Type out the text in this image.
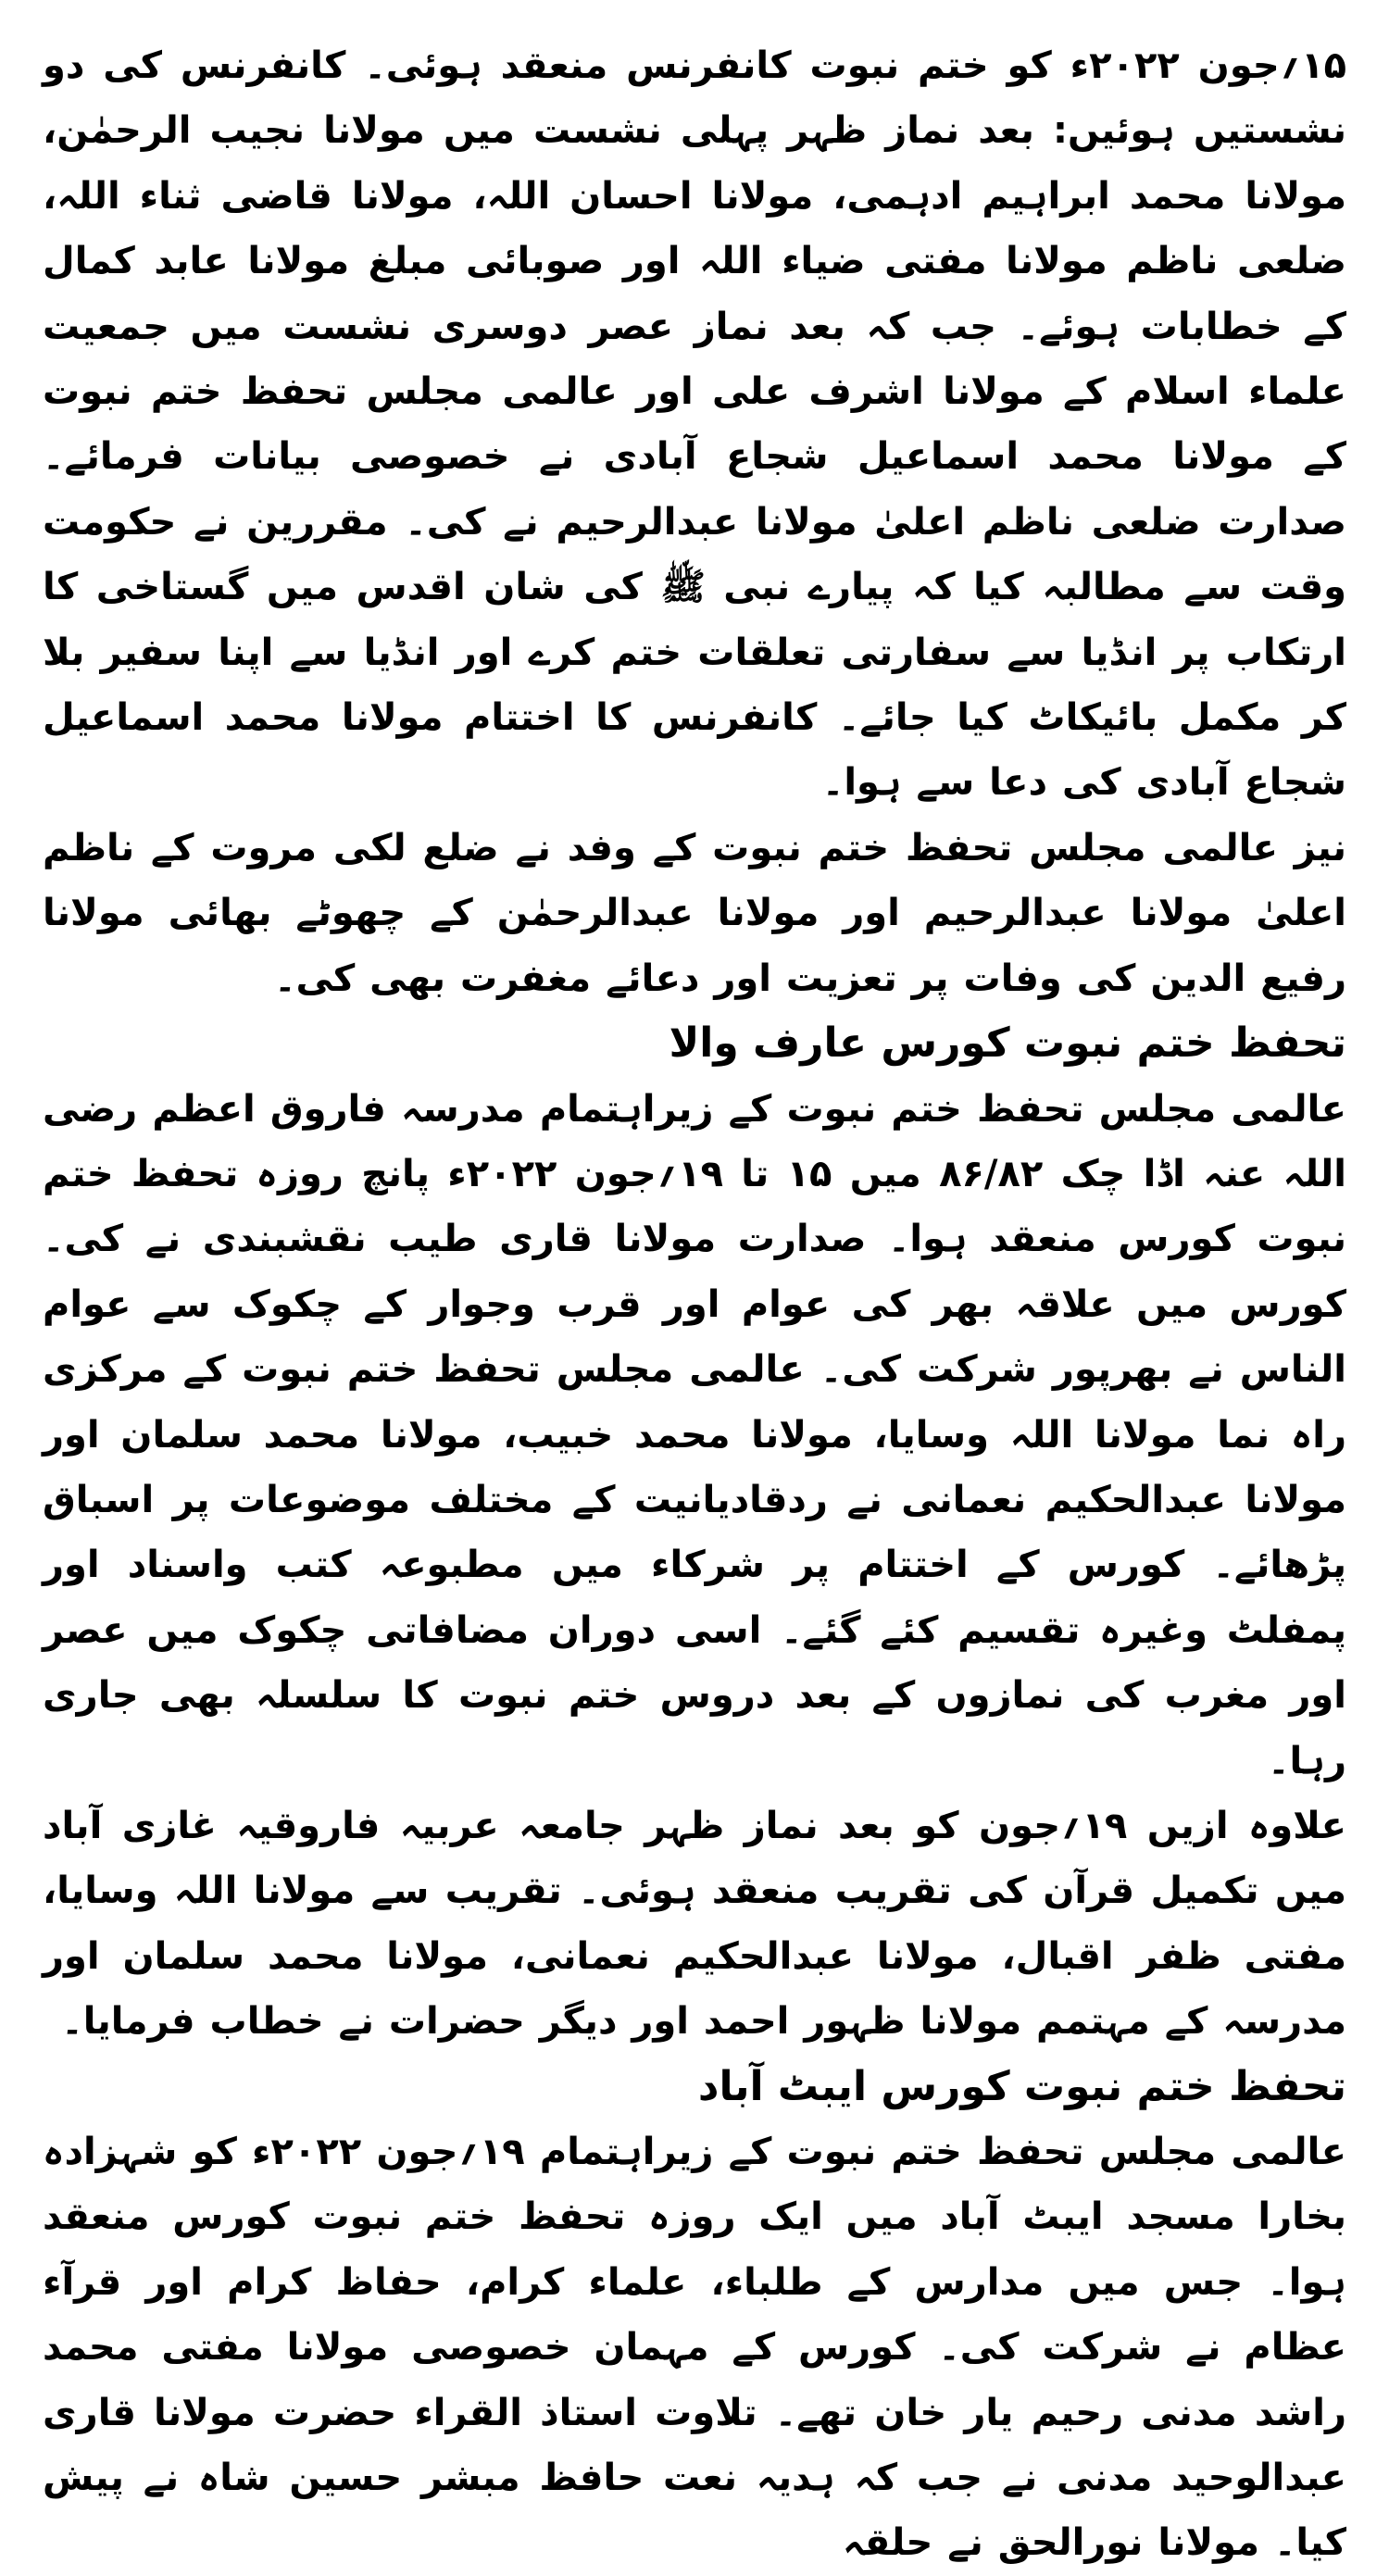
۱۵؍جون ۲۰۲۲ء کو ختم نبوت کانفرنس منعقد ہوئی۔ کانفرنس کی دو نشستیں ہوئیں: بعد نماز ظہر پہلی نشست میں مولانا نجیب الرحمٰن، مولانا محمد ابراہیم ادہمی، مولانا احسان اللہ، مولانا قاضی ثناء اللہ، ضلعی ناظم مولانا مفتی ضیاء اللہ اور صوبائی مبلغ مولانا عابد کمال کے خطابات ہوئے۔ جب کہ بعد نماز عصر دوسری نشست میں جمعیت علماء اسلام کے مولانا اشرف علی اور عالمی مجلس تحفظ ختم نبوت کے مولانا محمد اسماعیل شجاع آبادی نے خصوصی بیانات فرمائے۔ صدارت ضلعی ناظم اعلیٰ مولانا عبدالرحیم نے کی۔ مقررین نے حکومت وقت سے مطالبہ کیا کہ پیارے نبی ﷺ کی شان اقدس میں گستاخی کا ارتکاب پر انڈیا سے سفارتی تعلقات ختم کرے اور انڈیا سے اپنا سفیر بلا کر مکمل بائیکاٹ کیا جائے۔ کانفرنس کا اختتام مولانا محمد اسماعیل شجاع آبادی کی دعا سے ہوا۔

نیز عالمی مجلس تحفظ ختم نبوت کے وفد نے ضلع لکی مروت کے ناظم اعلیٰ مولانا عبدالرحیم اور مولانا عبدالرحمٰن کے چھوٹے بھائی مولانا رفیع الدین کی وفات پر تعزیت اور دعائے مغفرت بھی کی۔

تحفظ ختم نبوت کورس عارف والا

عالمی مجلس تحفظ ختم نبوت کے زیراہتمام مدرسہ فاروق اعظم رضی اللہ عنہ اڈا چک ۸۶/۸۲ میں ۱۵ تا ۱۹؍جون ۲۰۲۲ء پانچ روزہ تحفظ ختم نبوت کورس منعقد ہوا۔ صدارت مولانا قاری طیب نقشبندی نے کی۔ کورس میں علاقہ بھر کی عوام اور قرب وجوار کے چکوک سے عوام الناس نے بھرپور شرکت کی۔ عالمی مجلس تحفظ ختم نبوت کے مرکزی راہ نما مولانا اللہ وسایا، مولانا محمد خبیب، مولانا محمد سلمان اور مولانا عبدالحکیم نعمانی نے ردقادیانیت کے مختلف موضوعات پر اسباق پڑھائے۔ کورس کے اختتام پر شرکاء میں مطبوعہ کتب واسناد اور پمفلٹ وغیرہ تقسیم کئے گئے۔ اسی دوران مضافاتی چکوک میں عصر اور مغرب کی نمازوں کے بعد دروس ختم نبوت کا سلسلہ بھی جاری رہا۔

علاوہ ازیں ۱۹؍جون کو بعد نماز ظہر جامعہ عربیہ فاروقیہ غازی آباد میں تکمیل قرآن کی تقریب منعقد ہوئی۔ تقریب سے مولانا اللہ وسایا، مفتی ظفر اقبال، مولانا عبدالحکیم نعمانی، مولانا محمد سلمان اور مدرسہ کے مہتمم مولانا ظہور احمد اور دیگر حضرات نے خطاب فرمایا۔

تحفظ ختم نبوت کورس ایبٹ آباد

عالمی مجلس تحفظ ختم نبوت کے زیراہتمام ۱۹؍جون ۲۰۲۲ء کو شہزادہ بخارا مسجد ایبٹ آباد میں ایک روزہ تحفظ ختم نبوت کورس منعقد ہوا۔ جس میں مدارس کے طلباء، علماء کرام، حفاظ کرام اور قرآء عظام نے شرکت کی۔ کورس کے مہمان خصوصی مولانا مفتی محمد راشد مدنی رحیم یار خان تھے۔ تلاوت استاذ القراء حضرت مولانا قاری عبدالوحید مدنی نے جب کہ ہدیہ نعت حافظ مبشر حسین شاہ نے پیش کیا۔ مولانا نورالحق نے حلقہ
